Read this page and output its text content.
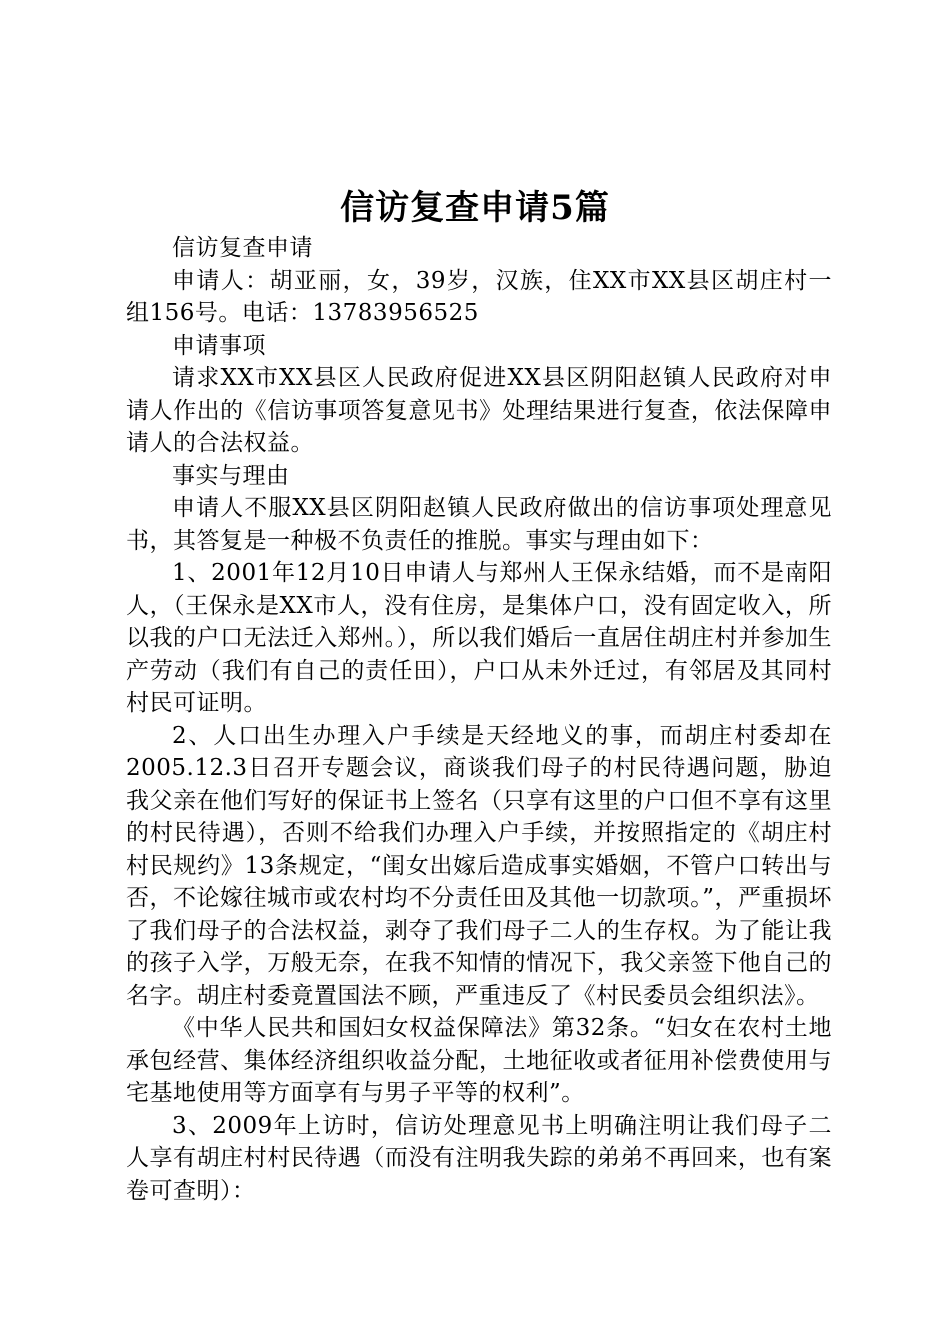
信访复查申请5篇

信访复查申请

申请人：胡亚丽，女，39岁，汉族，住XX市XX县区胡庄村一组156号。电话：13783956525

申请事项

请求XX市XX县区人民政府促进XX县区阴阳赵镇人民政府对申请人作出的《信访事项答复意见书》处理结果进行复查，依法保障申请人的合法权益。

事实与理由

申请人不服XX县区阴阳赵镇人民政府做出的信访事项处理意见书，其答复是一种极不负责任的推脱。事实与理由如下：

1、2001年12月10日申请人与郑州人王保永结婚，而不是南阳人，（王保永是XX市人，没有住房，是集体户口，没有固定收入，所以我的户口无法迁入郑州。），所以我们婚后一直居住胡庄村并参加生产劳动（我们有自己的责任田），户口从未外迁过，有邻居及其同村村民可证明。

2、人口出生办理入户手续是天经地义的事，而胡庄村委却在2005.12.3日召开专题会议，商谈我们母子的村民待遇问题，胁迫我父亲在他们写好的保证书上签名（只享有这里的户口但不享有这里的村民待遇），否则不给我们办理入户手续，并按照指定的《胡庄村村民规约》13条规定，“闺女出嫁后造成事实婚姻，不管户口转出与否，不论嫁往城市或农村均不分责任田及其他一切款项。”，严重损坏了我们母子的合法权益，剥夺了我们母子二人的生存权。为了能让我的孩子入学，万般无奈，在我不知情的情况下，我父亲签下他自己的名字。胡庄村委竟置国法不顾，严重违反了《村民委员会组织法》。

《中华人民共和国妇女权益保障法》第32条。“妇女在农村土地承包经营、集体经济组织收益分配，土地征收或者征用补偿费使用与宅基地使用等方面享有与男子平等的权利”。

3、2009年上访时，信访处理意见书上明确注明让我们母子二人享有胡庄村村民待遇（而没有注明我失踪的弟弟不再回来，也有案卷可查明）：
